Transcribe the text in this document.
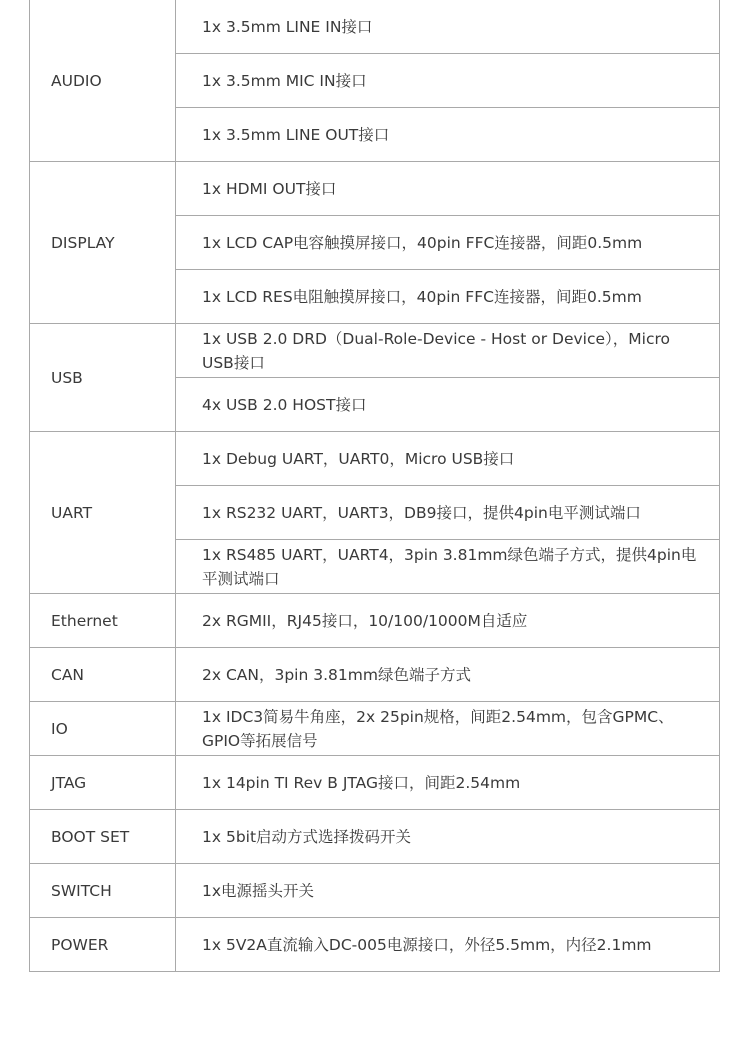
AUDIO	1x 3.5mm LINE IN接口
	1x 3.5mm MIC IN接口
	1x 3.5mm LINE OUT接口
DISPLAY	1x HDMI OUT接口
	1x LCD CAP电容触摸屏接口，40pin FFC连接器，间距0.5mm
	1x LCD RES电阻触摸屏接口，40pin FFC连接器，间距0.5mm
USB	1x USB 2.0 DRD（Dual-Role-Device - Host or Device），Micro USB接口
	4x USB 2.0 HOST接口
UART	1x Debug UART，UART0，Micro USB接口
	1x RS232 UART，UART3，DB9接口，提供4pin电平测试端口
	1x RS485 UART，UART4，3pin 3.81mm绿色端子方式，提供4pin电平测试端口
Ethernet	2x RGMII，RJ45接口，10/100/1000M自适应
CAN	2x CAN，3pin 3.81mm绿色端子方式
IO	1x IDC3简易牛角座，2x 25pin规格，间距2.54mm，包含GPMC、GPIO等拓展信号
JTAG	1x 14pin TI Rev B JTAG接口，间距2.54mm
BOOT SET	1x 5bit启动方式选择拨码开关
SWITCH	1x电源摇头开关
POWER	1x 5V2A直流输入DC-005电源接口，外径5.5mm，内径2.1mm
